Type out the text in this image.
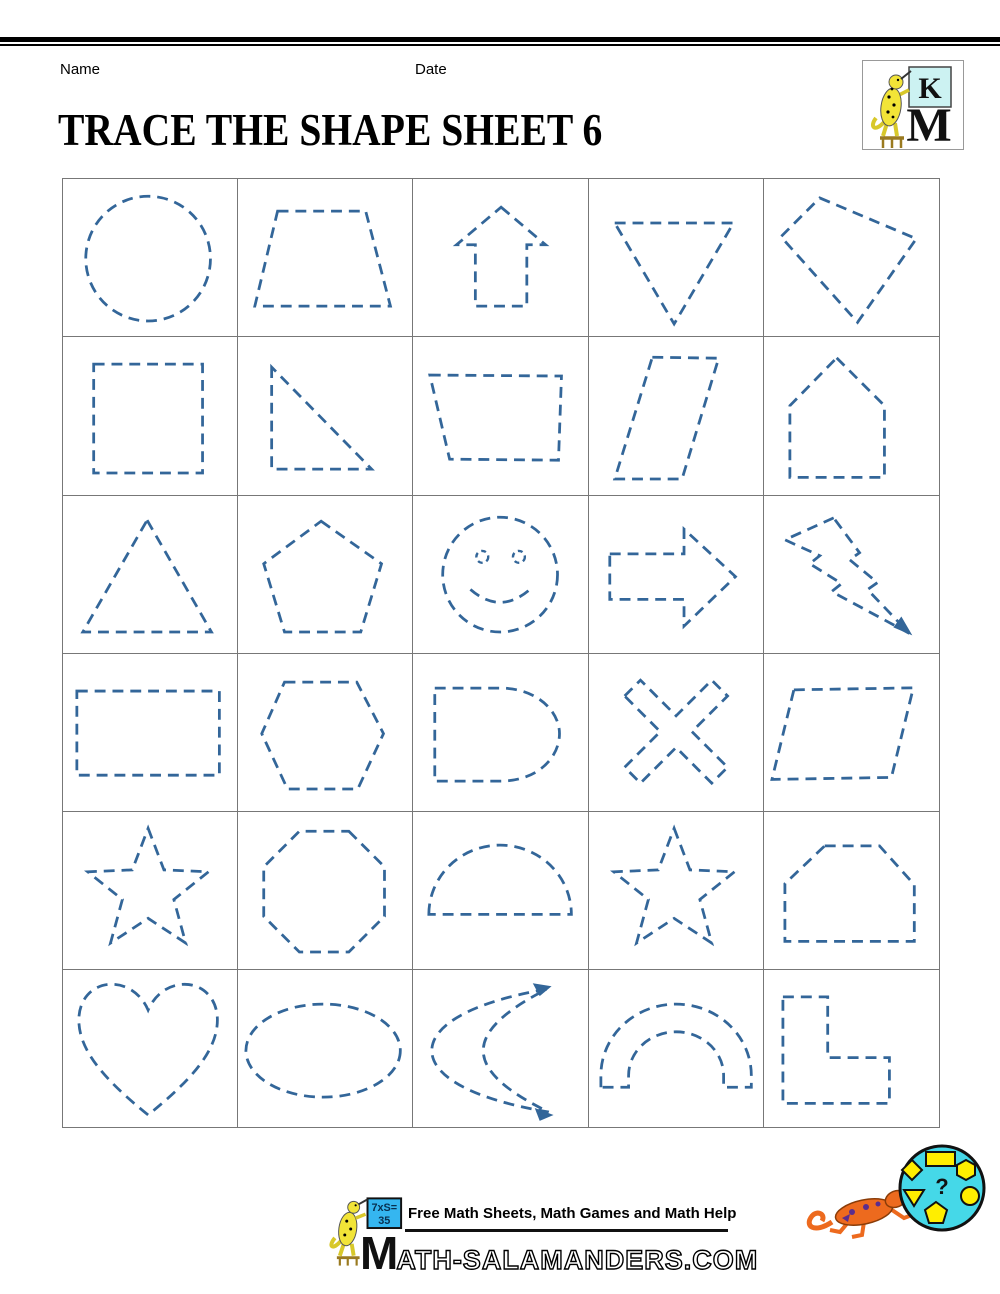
Name	Date
K
M
TRACE THE SHAPE SHEET 6
7xS=
35 Free Math Sheets, Math Games and Math Help
MATH-SALAMANDERS.COM
?
